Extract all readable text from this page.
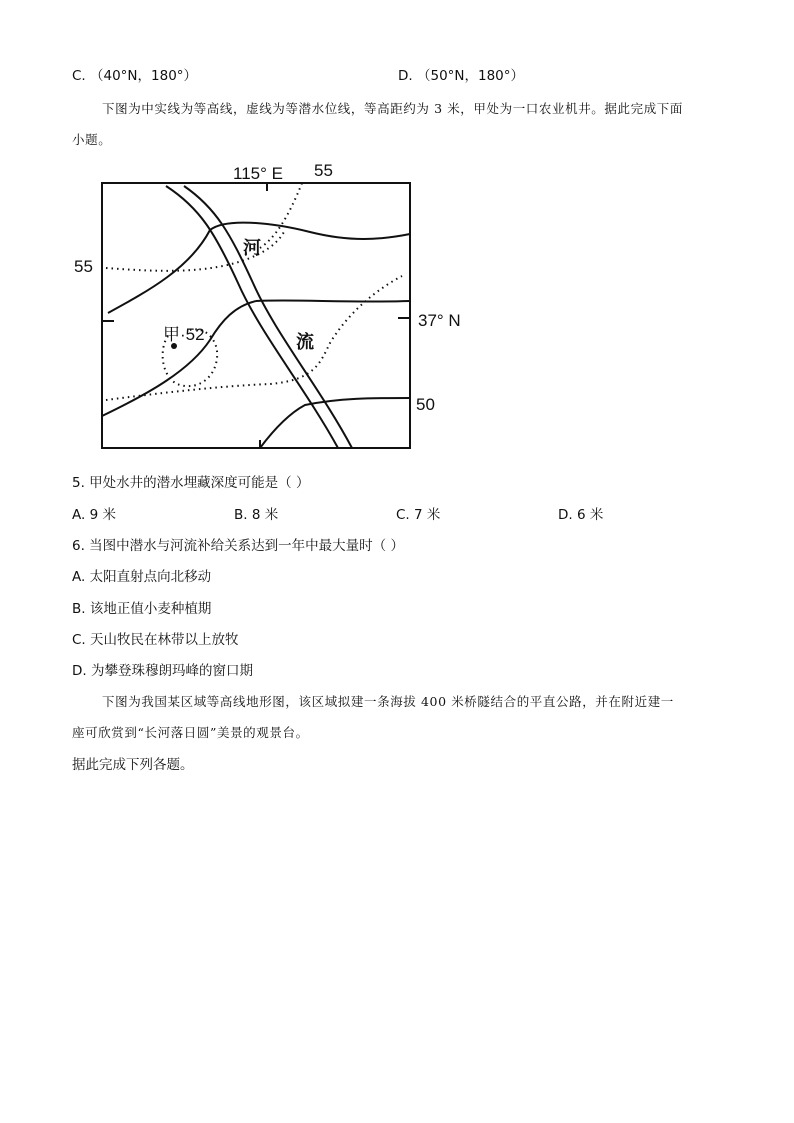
C. （40°N，180°）	D. （50°N，180°）
下图为中实线为等高线，虚线为等潜水位线，等高距约为 3 米，甲处为一口农业机井。据此完成下面
小题。
115° E 55
55
37° N
50
甲·52
河
流
5. 甲处水井的潜水埋藏深度可能是（ ）
A. 9 米	B. 8 米	C. 7 米	D. 6 米
6. 当图中潜水与河流补给关系达到一年中最大量时（ ）
A. 太阳直射点向北移动
B. 该地正值小麦种植期
C. 天山牧民在林带以上放牧
D. 为攀登珠穆朗玛峰的窗口期
下图为我国某区域等高线地形图，该区域拟建一条海拔 400 米桥隧结合的平直公路，并在附近建一
座可欣赏到“长河落日圆”美景的观景台。
据此完成下列各题。
